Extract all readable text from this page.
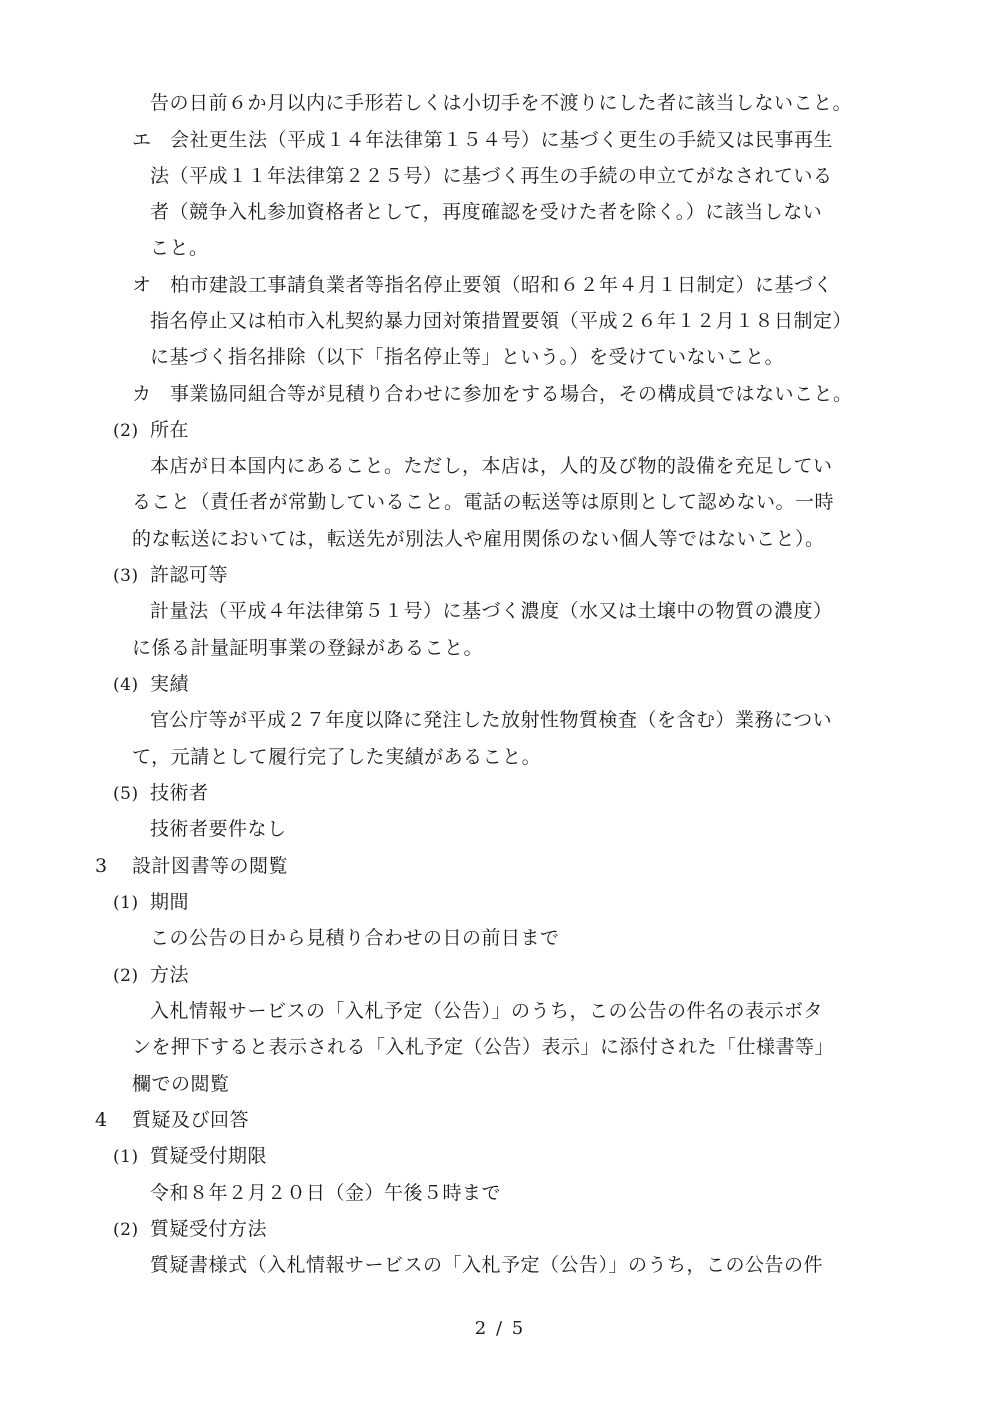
告の日前６か月以内に手形若しくは小切手を不渡りにした者に該当しないこと。
エ 会社更生法（平成１４年法律第１５４号）に基づく更生の手続又は民事再生
法（平成１１年法律第２２５号）に基づく再生の手続の申立てがなされている
者（競争入札参加資格者として，再度確認を受けた者を除く。）に該当しない
こと。
オ 柏市建設工事請負業者等指名停止要領（昭和６２年４月１日制定）に基づく
指名停止又は柏市入札契約暴力団対策措置要領（平成２６年１２月１８日制定）
に基づく指名排除（以下「指名停止等」という。）を受けていないこと。
カ 事業協同組合等が見積り合わせに参加をする場合，その構成員ではないこと。
(2) 所在
本店が日本国内にあること。ただし，本店は，人的及び物的設備を充足してい
ること（責任者が常勤していること。電話の転送等は原則として認めない。一時
的な転送においては，転送先が別法人や雇用関係のない個人等ではないこと）。
(3) 許認可等
計量法（平成４年法律第５１号）に基づく濃度（水又は土壌中の物質の濃度）
に係る計量証明事業の登録があること。
(4) 実績
官公庁等が平成２７年度以降に発注した放射性物質検査（を含む）業務につい
て，元請として履行完了した実績があること。
(5) 技術者
技術者要件なし
3 設計図書等の閲覧
(1) 期間
この公告の日から見積り合わせの日の前日まで
(2) 方法
入札情報サービスの「入札予定（公告）」のうち，この公告の件名の表示ボタ
ンを押下すると表示される「入札予定（公告）表示」に添付された「仕様書等」
欄での閲覧
4 質疑及び回答
(1) 質疑受付期限
令和８年２月２０日（金）午後５時まで
(2) 質疑受付方法
質疑書様式（入札情報サービスの「入札予定（公告）」のうち，この公告の件
2 / 5
